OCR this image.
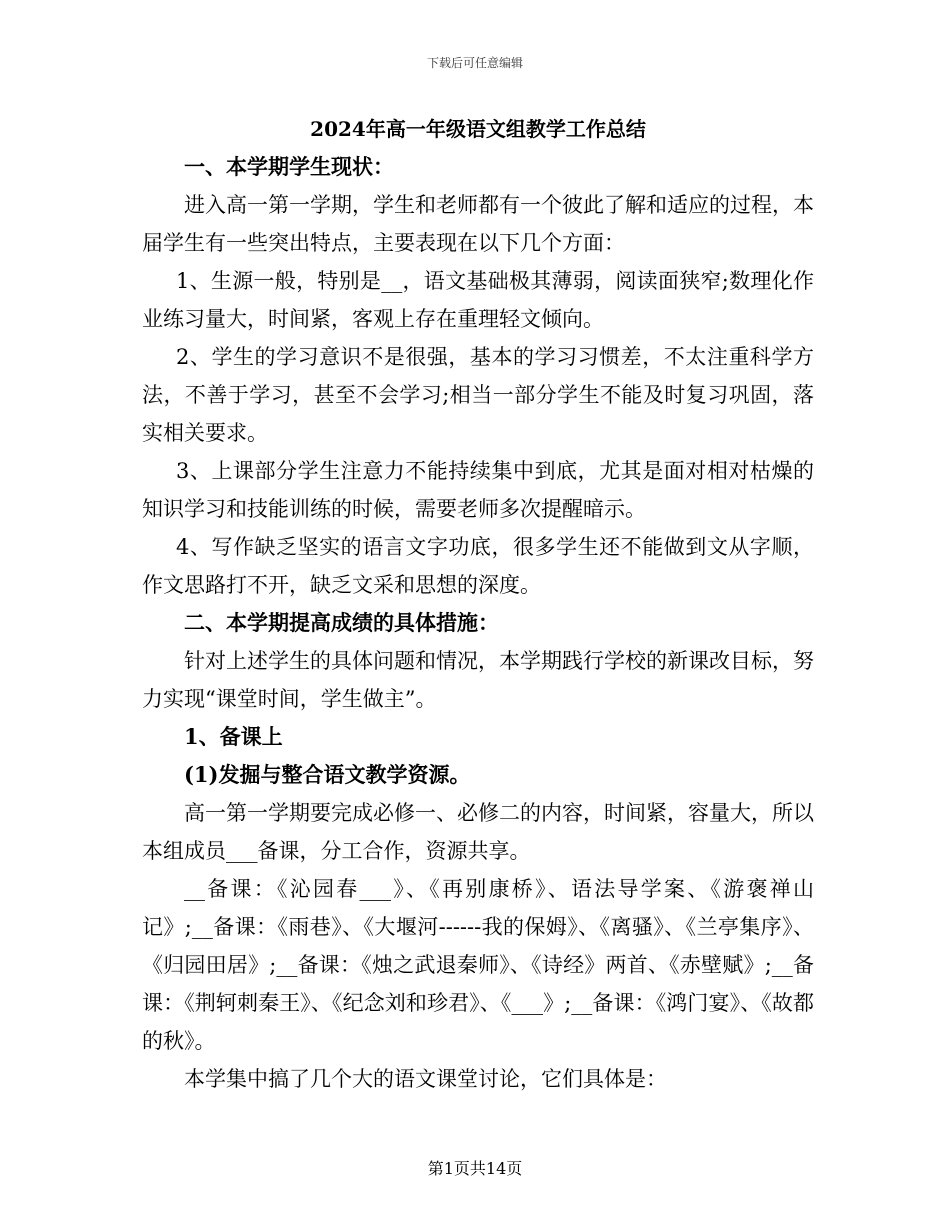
下载后可任意编辑
2024年高一年级语文组教学工作总结

一、本学期学生现状：

进入高一第一学期，学生和老师都有一个彼此了解和适应的过程，本届学生有一些突出特点，主要表现在以下几个方面：

1、生源一般，特别是__，语文基础极其薄弱，阅读面狭窄;数理化作业练习量大，时间紧，客观上存在重理轻文倾向。

2、学生的学习意识不是很强，基本的学习习惯差，不太注重科学方法，不善于学习，甚至不会学习;相当一部分学生不能及时复习巩固，落实相关要求。

3、上课部分学生注意力不能持续集中到底，尤其是面对相对枯燥的知识学习和技能训练的时候，需要老师多次提醒暗示。

4、写作缺乏坚实的语言文字功底，很多学生还不能做到文从字顺，作文思路打不开，缺乏文采和思想的深度。

二、本学期提高成绩的具体措施：

针对上述学生的具体问题和情况，本学期践行学校的新课改目标，努力实现“课堂时间，学生做主”。

1、备课上

(1)发掘与整合语文教学资源。

高一第一学期要完成必修一、必修二的内容，时间紧，容量大，所以本组成员___备课，分工合作，资源共享。

__备课：《沁园春___》、《再别康桥》、语法导学案、《游褒禅山记》;__备课：《雨巷》、《大堰河------我的保姆》、《离骚》、《兰亭集序》、《归园田居》;__备课：《烛之武退秦师》、《诗经》两首、《赤壁赋》;__备课：《荆轲刺秦王》、《纪念刘和珍君》、《___》;__备课：《鸿门宴》、《故都的秋》。

本学集中搞了几个大的语文课堂讨论，它们具体是：

第1页共14页
